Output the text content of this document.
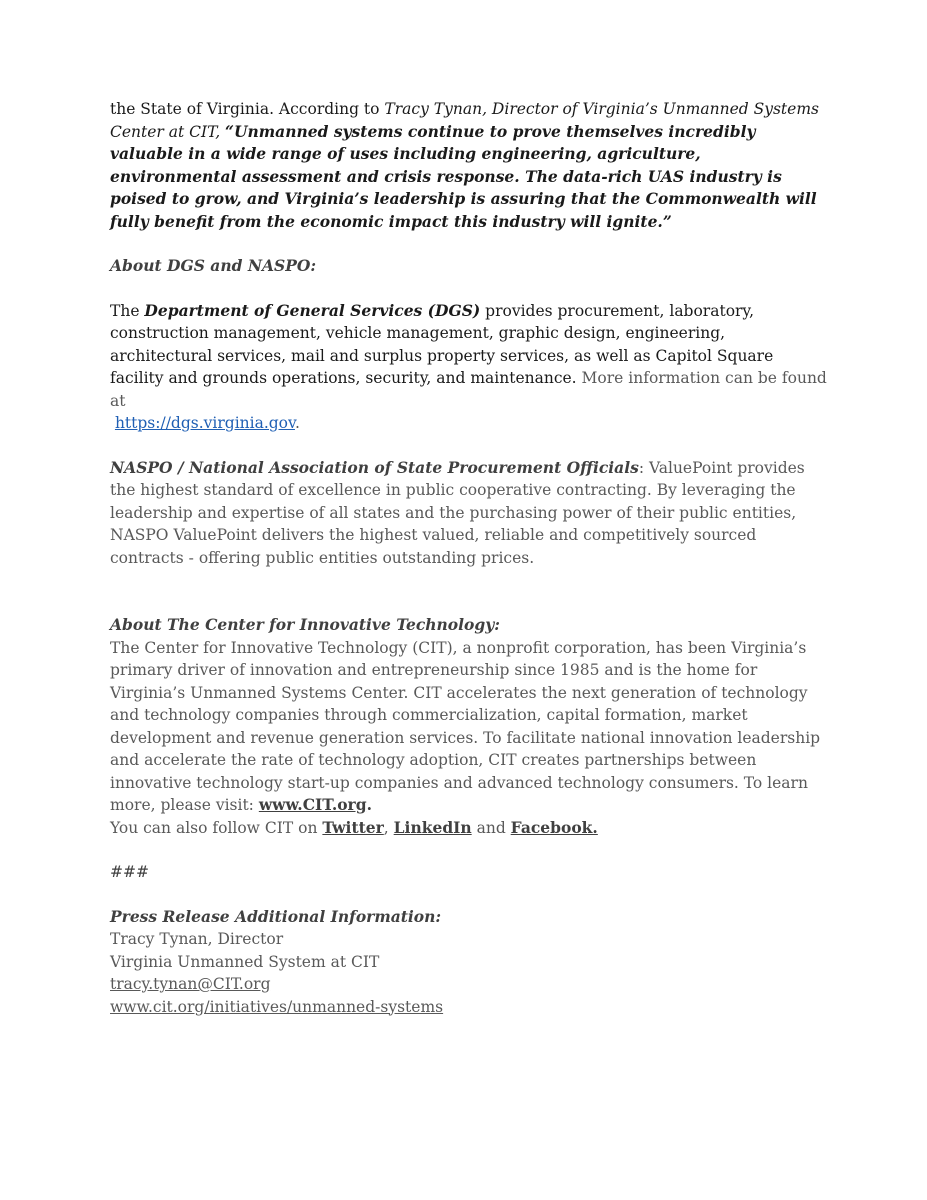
the State of Virginia. According to Tracy Tynan, Director of Virginia’s Unmanned Systems Center at CIT, “Unmanned systems continue to prove themselves incredibly valuable in a wide range of uses including engineering, agriculture, environmental assessment and crisis response. The data-rich UAS industry is poised to grow, and Virginia’s leadership is assuring that the Commonwealth will fully benefit from the economic impact this industry will ignite.”

About DGS and NASPO:

The Department of General Services (DGS) provides procurement, laboratory, construction management, vehicle management, graphic design, engineering, architectural services, mail and surplus property services, as well as Capitol Square facility and grounds operations, security, and maintenance. More information can be found at
https://dgs.virginia.gov.

NASPO / National Association of State Procurement Officials: ValuePoint provides the highest standard of excellence in public cooperative contracting. By leveraging the leadership and expertise of all states and the purchasing power of their public entities, NASPO ValuePoint delivers the highest valued, reliable and competitively sourced contracts - offering public entities outstanding prices.

About The Center for Innovative Technology:

The Center for Innovative Technology (CIT), a nonprofit corporation, has been Virginia’s primary driver of innovation and entrepreneurship since 1985 and is the home for Virginia’s Unmanned Systems Center. CIT accelerates the next generation of technology and technology companies through commercialization, capital formation, market development and revenue generation services. To facilitate national innovation leadership and accelerate the rate of technology adoption, CIT creates partnerships between innovative technology start-up companies and advanced technology consumers. To learn more, please visit: www.CIT.org.
You can also follow CIT on Twitter, LinkedIn and Facebook.

###

Press Release Additional Information:

Tracy Tynan, Director

Virginia Unmanned System at CIT

tracy.tynan@CIT.org

www.cit.org/initiatives/unmanned-systems
